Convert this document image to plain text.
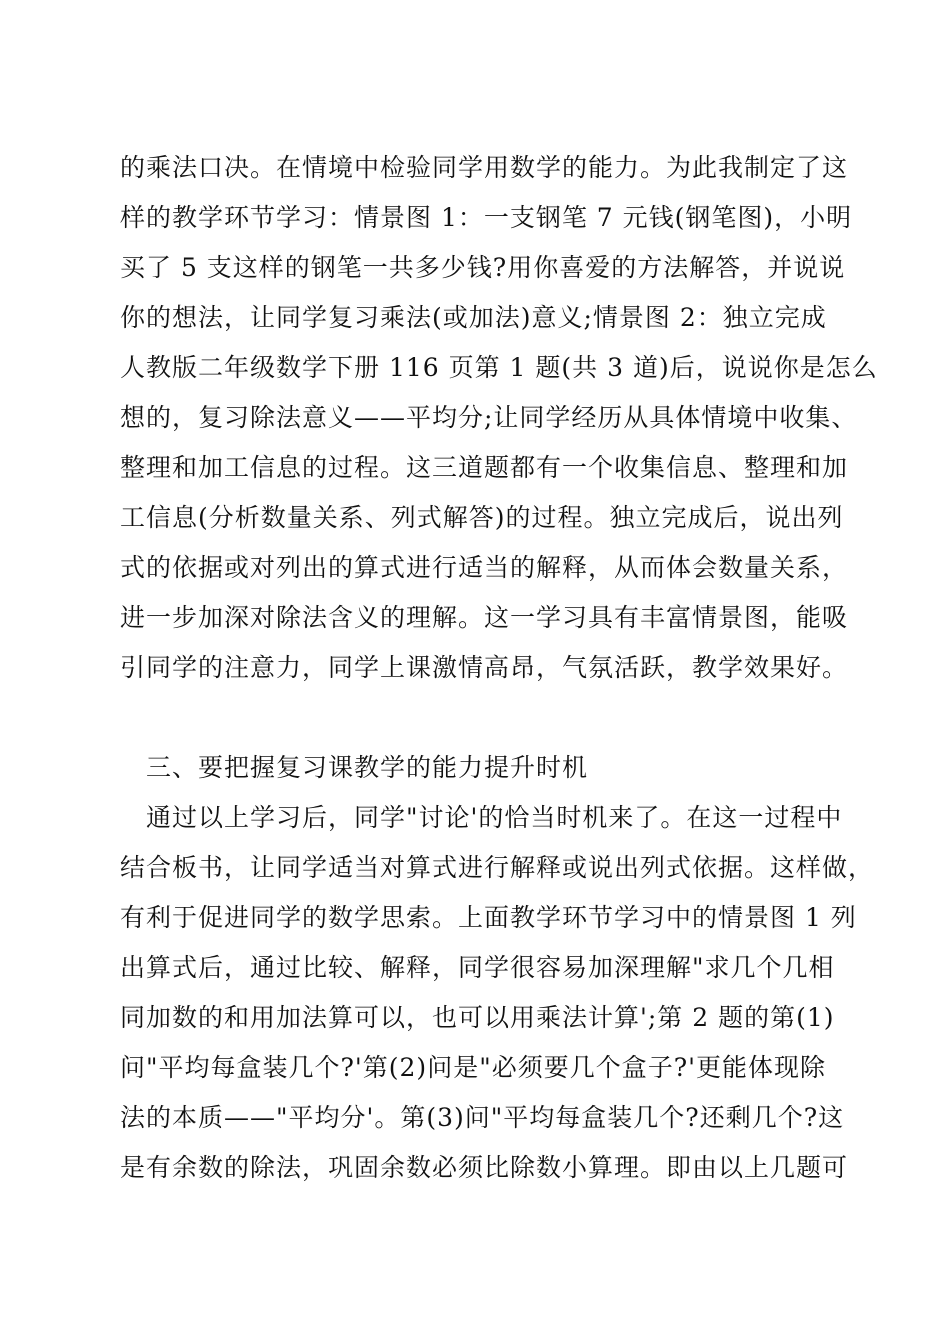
的乘法口决。在情境中检验同学用数学的能力。为此我制定了这
样的教学环节学习：情景图 1：一支钢笔 7 元钱(钢笔图)，小明
买了 5 支这样的钢笔一共多少钱?用你喜爱的方法解答，并说说
你的想法，让同学复习乘法(或加法)意义;情景图 2：独立完成
人教版二年级数学下册 116 页第 1 题(共 3 道)后，说说你是怎么
想的，复习除法意义——平均分;让同学经历从具体情境中收集、
整理和加工信息的过程。这三道题都有一个收集信息、整理和加
工信息(分析数量关系、列式解答)的过程。独立完成后，说出列
式的依据或对列出的算式进行适当的解释，从而体会数量关系，
进一步加深对除法含义的理解。这一学习具有丰富情景图，能吸
引同学的注意力，同学上课激情高昂，气氛活跃，教学效果好。
三、要把握复习课教学的能力提升时机
通过以上学习后，同学"讨论'的恰当时机来了。在这一过程中
结合板书，让同学适当对算式进行解释或说出列式依据。这样做，
有利于促进同学的数学思索。上面教学环节学习中的情景图 1 列
出算式后，通过比较、解释，同学很容易加深理解"求几个几相
同加数的和用加法算可以，也可以用乘法计算';第 2 题的第(1)
问"平均每盒装几个?'第(2)问是"必须要几个盒子?'更能体现除
法的本质——"平均分'。第(3)问"平均每盒装几个?还剩几个?这
是有余数的除法，巩固余数必须比除数小算理。即由以上几题可
